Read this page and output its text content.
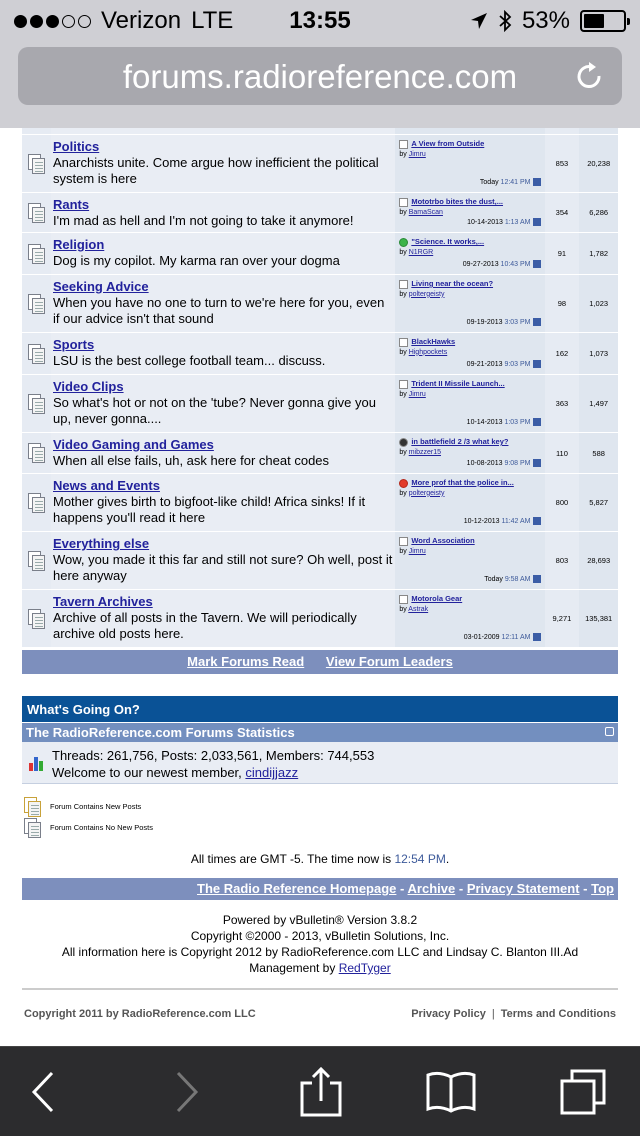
Verizon LTE	13:55	53%
forums.radioreference.com
Politics
Anarchists unite. Come argue how inefficient the political system is here
A View from Outside
by Jimru
Today 12:41 PM
853	20,238
Rants
I'm mad as hell and I'm not going to take it anymore!
Mototrbo bites the dust,...
by BamaScan
10-14-2013 1:13 AM
354	6,286
Religion
Dog is my copilot. My karma ran over your dogma
"Science. It works,...
by N1RGR
09-27-2013 10:43 PM
91	1,782
Seeking Advice
When you have no one to turn to we're here for you, even if our advice isn't that sound
Living near the ocean?
by poltergeisty
09-19-2013 3:03 PM
98	1,023
Sports
LSU is the best college football team... discuss.
BlackHawks
by Highpockets
09-21-2013 9:03 PM
162	1,073
Video Clips
So what's hot or not on the 'tube? Never gonna give you up, never gonna....
Trident II Missile Launch...
by Jimru
10-14-2013 1:03 PM
363	1,497
Video Gaming and Games
When all else fails, uh, ask here for cheat codes
in battlefield 2 /3 what key?
by mibzzer15
10-08-2013 9:08 PM
110	588
News and Events
Mother gives birth to bigfoot-like child! Africa sinks! If it happens you'll read it here
More prof that the police in...
by poltergeisty
10-12-2013 11:42 AM
800	5,827
Everything else
Wow, you made it this far and still not sure? Oh well, post it here anyway
Word Association
by Jimru
Today 9:58 AM
803	28,693
Tavern Archives
Archive of all posts in the Tavern. We will periodically archive old posts here.
Motorola Gear
by Astrak
03-01-2009 12:11 AM
9,271	135,381
Mark Forums Read View Forum Leaders
What's Going On?
The RadioReference.com Forums Statistics
Threads: 261,756, Posts: 2,033,561, Members: 744,553
Welcome to our newest member, cindijjazz
Forum Contains New Posts
Forum Contains No New Posts
All times are GMT -5. The time now is 12:54 PM.
The Radio Reference Homepage - Archive - Privacy Statement - Top
Powered by vBulletin® Version 3.8.2
Copyright ©2000 - 2013, vBulletin Solutions, Inc.
All information here is Copyright 2012 by RadioReference.com LLC and Lindsay C. Blanton III.Ad Management by RedTyger
Copyright 2011 by RadioReference.com LLC	Privacy Policy | Terms and Conditions
